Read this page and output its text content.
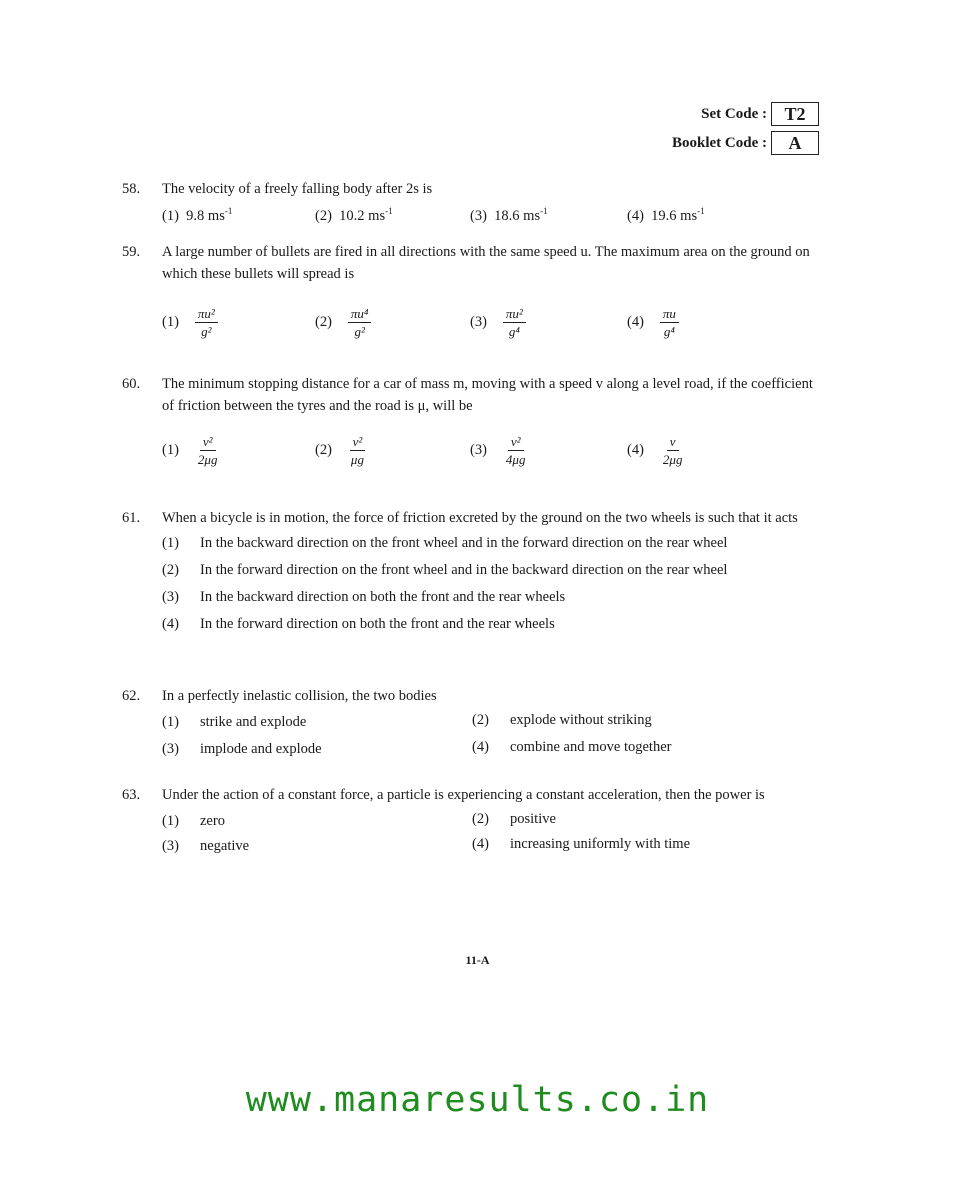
Set Code : T2
Booklet Code :	A
58. The velocity of a freely falling body after 2s is
(1) 9.8 $ms^{-1}$	(2) 10.2 $ms^{-1}$	(3) 18.6 $ms^{-1}$	(4) 19.6 $ms^{-1}$
59. A large number of bullets are fired in all directions with the same speed u. The maximum area on the ground on which these bullets will spread is
$(1) \frac{\text{πu²}}{\text{g²}}$	$(2) \frac{\text{πu⁴}}{\text{g²}}$	$(3) \frac{\text{πu²}}{\text{g⁴}}$	$(4) \frac{\pi u}{\text{g⁴}}$
60. The minimum stopping distance for a car of mass m, moving with a speed v along a level road, if the coefficient of friction between the tyres and the road is μ, will be
$(1) \frac{\text{v²}}{2\mu g}$	$(2) \frac{\text{v²}}{\mu g}$	$(3) \frac{\text{v²}}{4\mu g}$	$(4) \frac{v}{2\mu g}$
61. When a bicycle is in motion, the force of friction excreted by the ground on the two wheels is such that it acts
(1)	In the backward direction on the front wheel and in the forward direction on the rear wheel
(2)	In the forward direction on the front wheel and in the backward direction on the rear wheel
(3)	In the backward direction on both the front and the rear wheels
(4)	In the forward direction on both the front and the rear wheels
62. In a perfectly inelastic collision, the two bodies
(1)	strike and explode	(2)	explode without striking
(3)	implode and explode	(4)	combine and move together
63. Under the action of a constant force, a particle is experiencing a constant acceleration, then the power is
(1)	zero	(2)	positive
(3)	negative	(4)	increasing uniformly with time
11-A
www.manaresults.co.in
